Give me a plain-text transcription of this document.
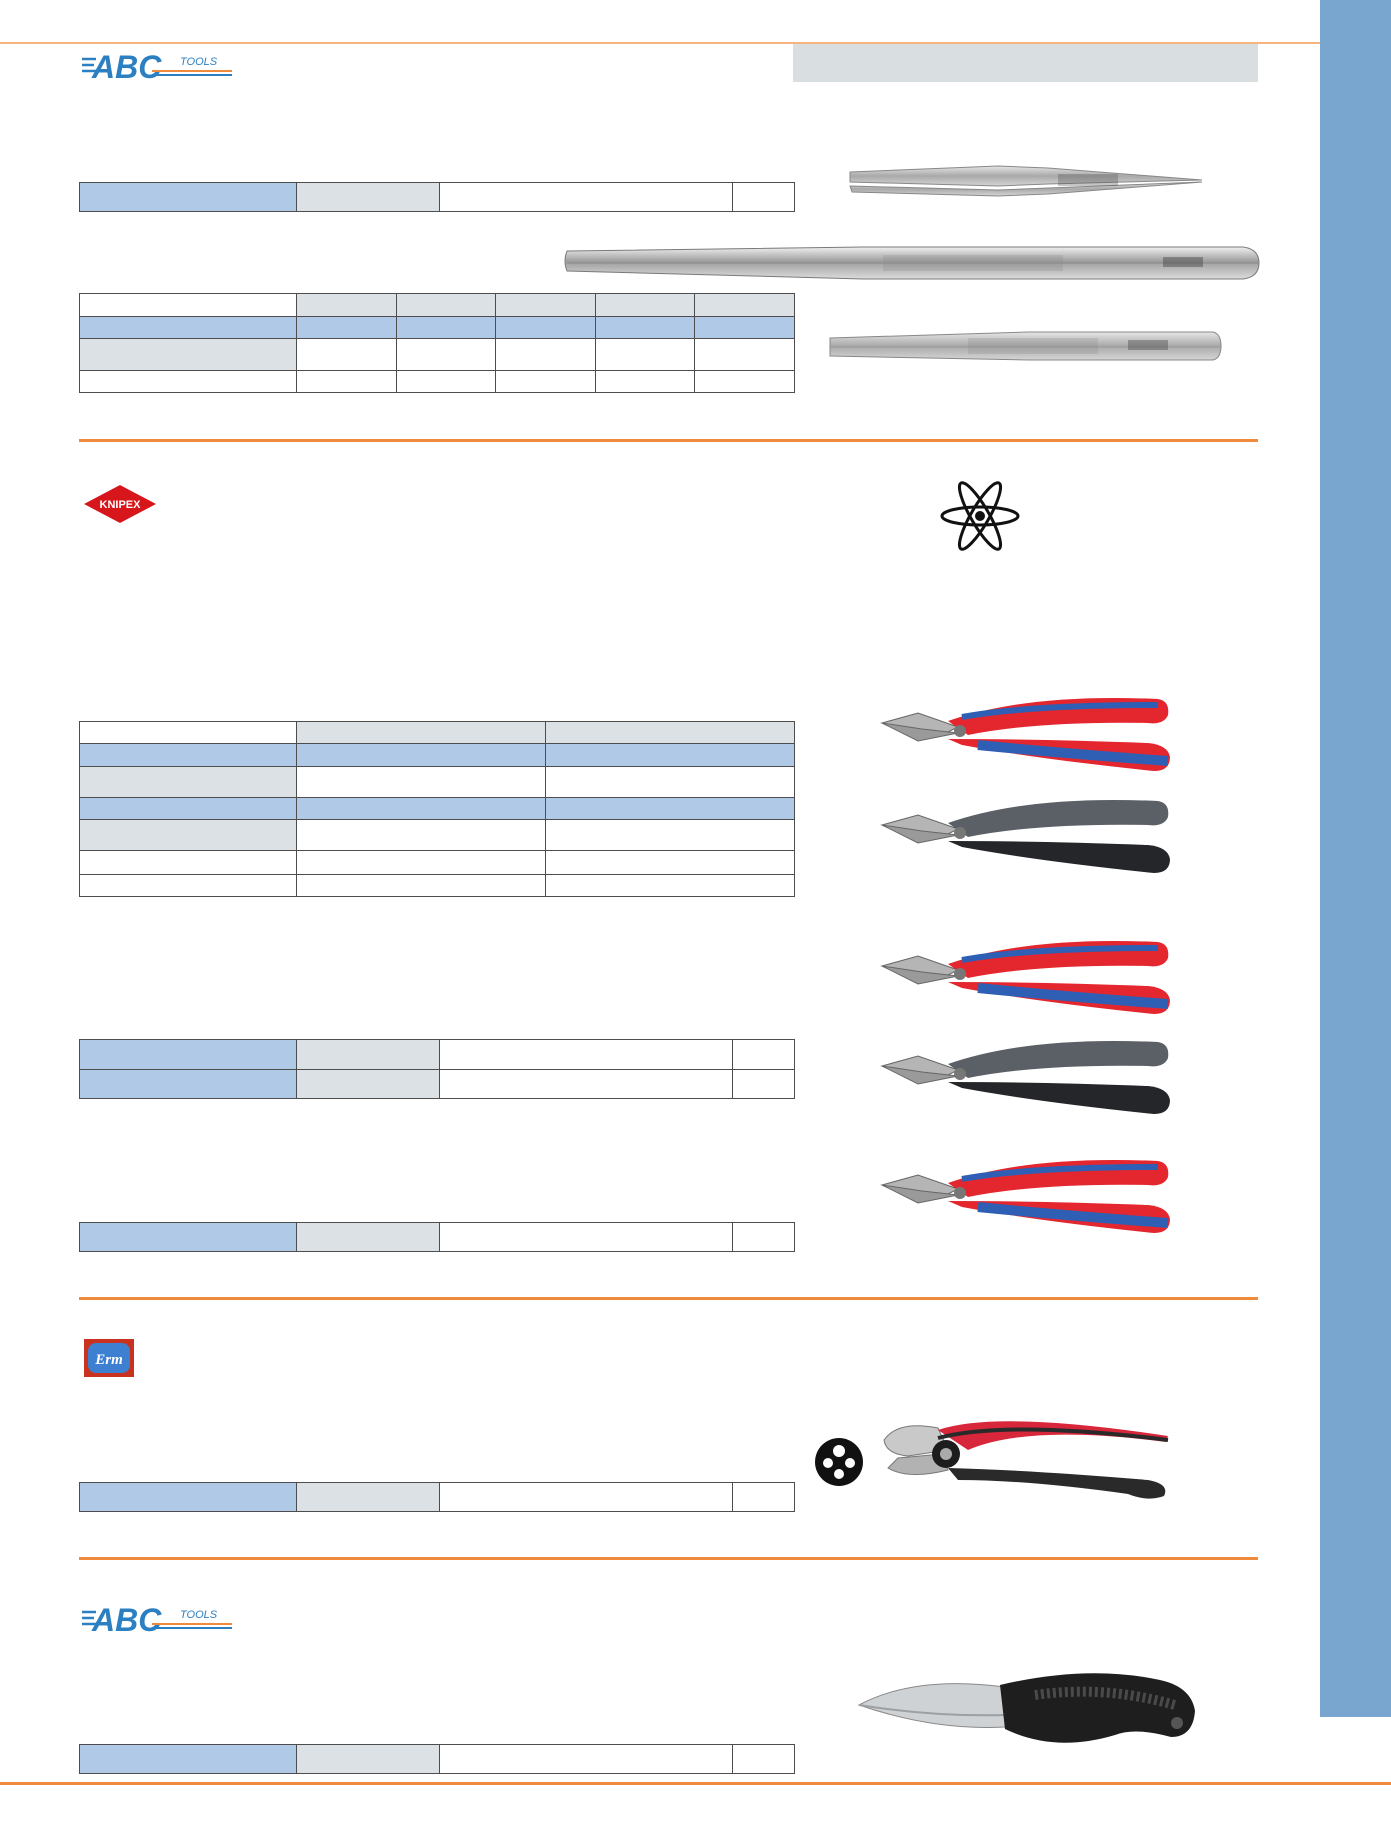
ABC TOOLS

KNIPEX

Erm

ABC TOOLS
